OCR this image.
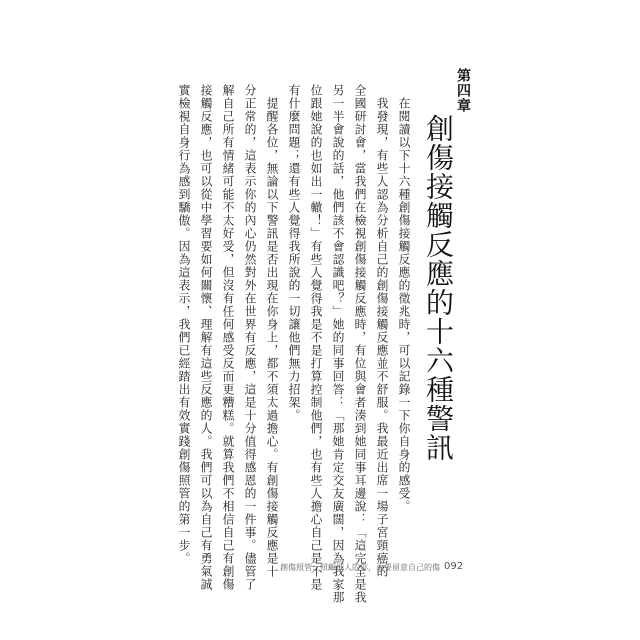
第四章
創傷接觸反應的十六種警訊
　在閱讀以下十六種創傷接觸反應的徵兆時，可以記錄一下你自身的感受。
　我發現，有些人認為分析自己的創傷接觸反應並不舒服。我最近出席一場子宮頸癌的
全國研討會，當我們在檢視創傷接觸反應時，有位與會者湊到她同事耳邊說：「這完全是我
另一半會說的話，他們該不會認識吧？」她的同事回答：「那她肯定交友廣闊，因為我家那
位跟她說的也如出一轍！」有些人覺得我是不是打算控制他們，也有些人擔心自己是不是
有什麼問題；還有些人覺得我所說的一切讓他們無力招架。
　提醒各位，無論以下警訊是否出現在你身上，都不須太過擔心。有創傷接觸反應是十
分正常的，這表示你的內心仍然對外在世界有反應，這是十分值得感恩的一件事。儘管了
解自己所有情緒可能不太好受，但沒有任何感受反而更糟糕。就算我們不相信自己有創傷
接觸反應，也可以從中學習要如何關懷、理解有這些反應的人。我們可以為自己有勇氣誠
實檢視自身行為感到驕傲。因為這表示，我們已經踏出有效實踐創傷照管的第一步。
創傷照管：照顧別人的你，更要留意自己的傷 092
